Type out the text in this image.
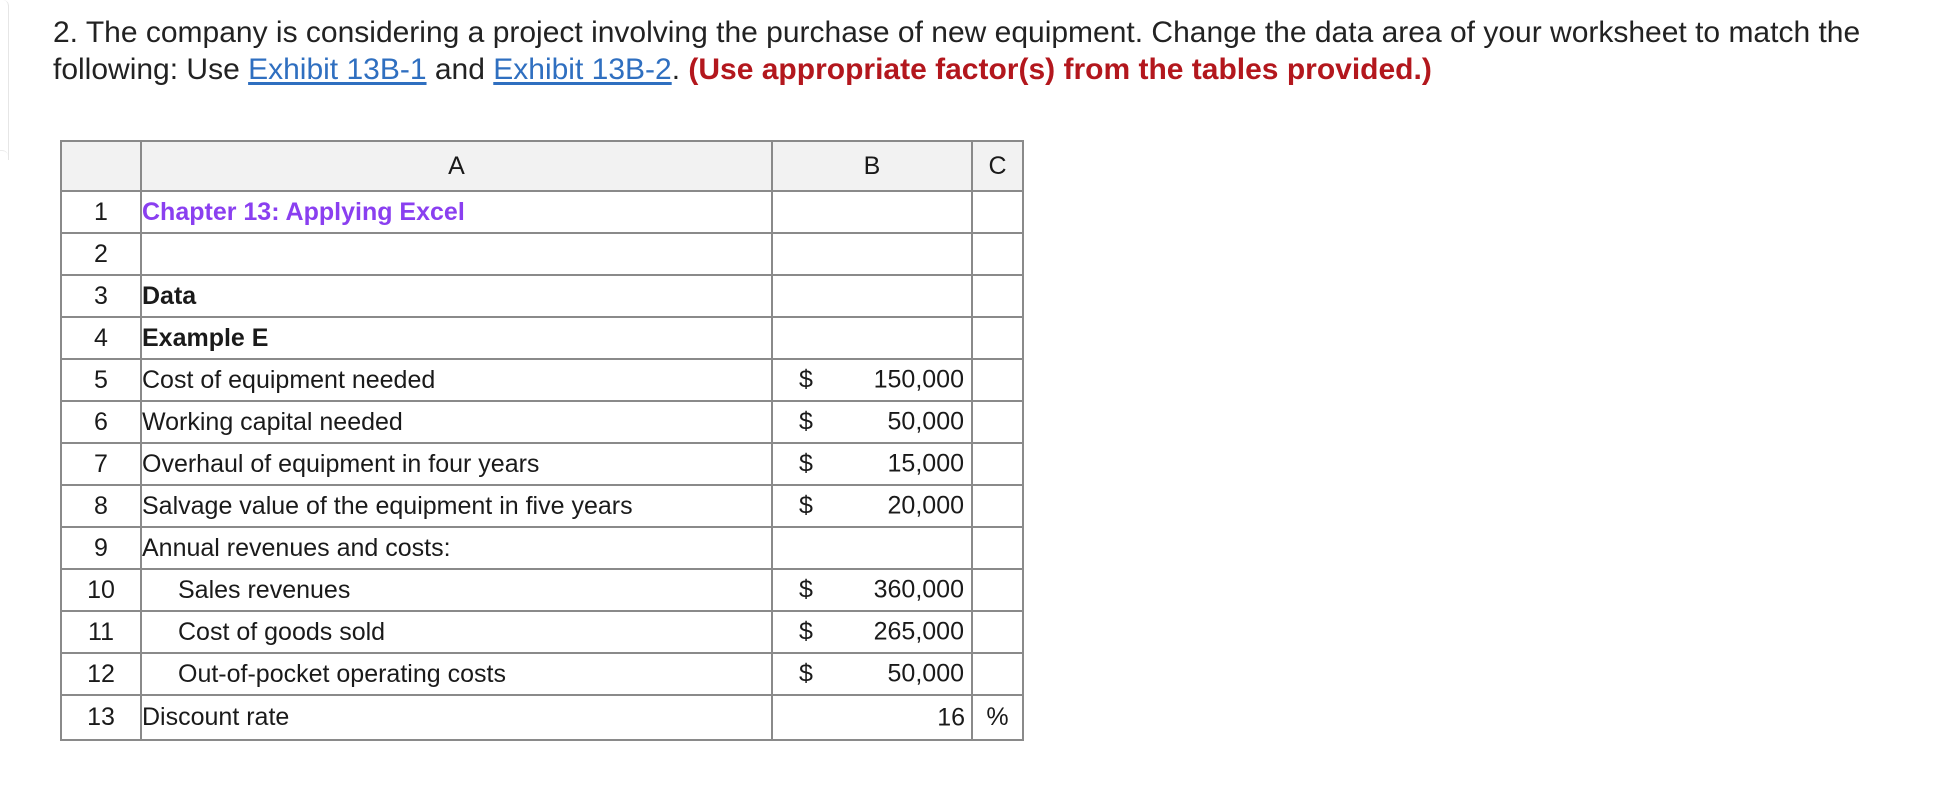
2. The company is considering a project involving the purchase of new equipment. Change the data area of your worksheet to match the following: Use Exhibit 13B-1 and Exhibit 13B-2. (Use appropriate factor(s) from the tables provided.)
	A	B	C
1	Chapter 13: Applying Excel	

2		

3	Data	

4	Example E	

5	Cost of equipment needed	$ 150,000	

6	Working capital needed	$ 50,000	

7	Overhaul of equipment in four years	$ 15,000	

8	Salvage value of the equipment in five years	$ 20,000	

9	Annual revenues and costs:	

10	Sales revenues	$ 360,000	

11	Cost of goods sold	$ 265,000	

12	Out-of-pocket operating costs	$ 50,000	

13	Discount rate	16	%
